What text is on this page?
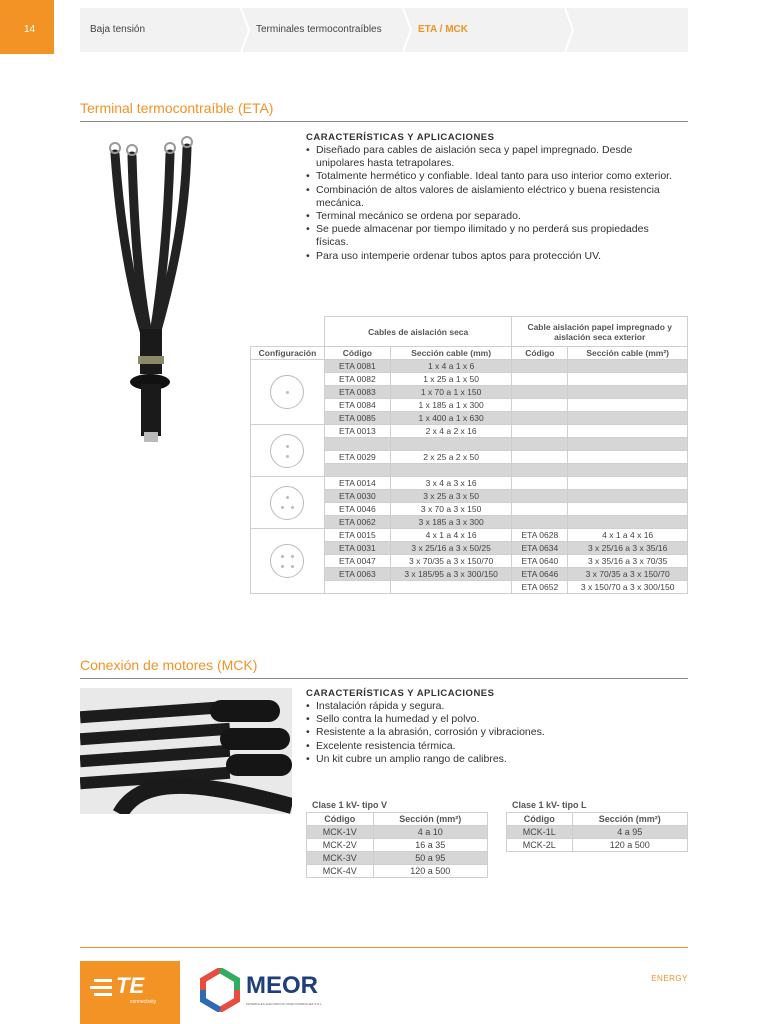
14	Baja tensión	Terminales termocontraíbles	ETA / MCK
Terminal termocontraíble (ETA)
CARACTERÍSTICAS Y APLICACIONES
• Diseñado para cables de aislación seca y papel impregnado. Desde unipolares hasta tetrapolares.
• Totalmente hermético y confiable. Ideal tanto para uso interior como exterior.
• Combinación de altos valores de aislamiento eléctrico y buena resistencia mecánica.
• Terminal mecánico se ordena por separado.
• Se puede almacenar por tiempo ilimitado y no perderá sus propiedades físicas.
• Para uso intemperie ordenar tubos aptos para protección UV.
	Cables de aislación seca		Cable aislación papel impregnado y aislación seca exterior	
Configuración	Código	Sección cable (mm)	Código	Sección cable (mm²)

	ETA 0081	1 x 4 a 1 x 6		
	ETA 0082	1 x 25 a 1 x 50		
	ETA 0083	1 x 70 a 1 x 150		
	ETA 0084	1 x 185 a 1 x 300		
	ETA 0085	1 x 400 a 1 x 630		

	ETA 0013	2 x 4 a 2 x 16		

	ETA 0029	2 x 25 a 2 x 50		

	ETA 0014	3 x 4 a 3 x 16		
	ETA 0030	3 x 25 a 3 x 50		
	ETA 0046	3 x 70 a 3 x 150		
	ETA 0062	3 x 185 a 3 x 300		

	ETA 0015	4 x 1 a 4 x 16	ETA 0628	4 x 1 a 4 x 16
	ETA 0031	3 x 25/16 a 3 x 50/25	ETA 0634	3 x 25/16 a 3 x 35/16
	ETA 0047	3 x 70/35 a 3 x 150/70	ETA 0640	3 x 35/16 a 3 x 70/35
	ETA 0063	3 x 185/95 a 3 x 300/150	ETA 0646	3 x 70/35 a 3 x 150/70
			ETA 0652	3 x 150/70 a 3 x 300/150
Conexión de motores (MCK)
CARACTERÍSTICAS Y APLICACIONES
• Instalación rápida y segura.
• Sello contra la humedad y el polvo.
• Resistente a la abrasión, corrosión y vibraciones.
• Excelente resistencia térmica.
• Un kit cubre un amplio rango de calibres.
Clase 1 kV- tipo V
Código	Sección (mm²)
MCK-1V	4 a 10
MCK-2V	16 a 35
MCK-3V	50 a 95
MCK-4V	120 a 500
Clase 1 kV- tipo L
Código	Sección (mm²)
MCK-1L	4 a 95
MCK-2L	120 a 500
TE
connectivity
MEOR
MATERIALES ELÉCTRICOS OMAR RODRIGUEZ S.R.L.
ENERGY
